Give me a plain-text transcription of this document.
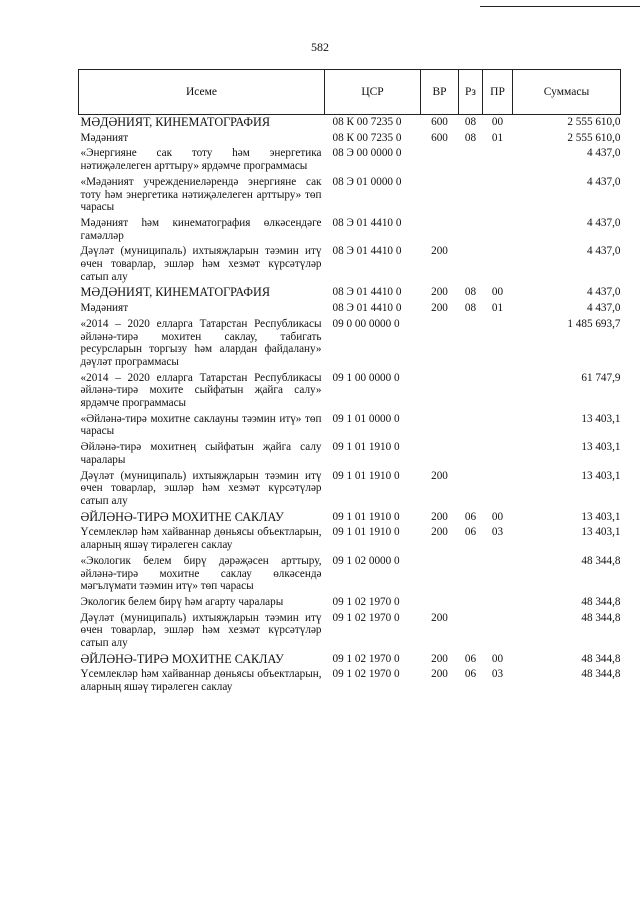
582
Исеме	ЦСР	ВР	Рз	ПР	Суммасы
МӘДӘНИЯТ, КИНЕМАТОГРАФИЯ	08 К 00 7235 0	600	08	00	2 555 610,0
Мәдәният	08 К 00 7235 0	600	08	01	2 555 610,0
«Энергияне сак тоту һәм энергетика нәтиҗәлелеген арттыру» ярдәмче программасы	08 Э 00 0000 0				4 437,0
«Мәдәният учреждениеләрендә энергияне сак тоту һәм энергетика нәтиҗәлелеген арттыру» төп чарасы	08 Э 01 0000 0				4 437,0
Мәдәният һәм кинематография өлкәсендәге гамәлләр	08 Э 01 4410 0				4 437,0
Дәүләт (муниципаль) ихтыяҗларын тәэмин итү өчен товарлар, эшләр һәм хезмәт күрсәтүләр сатып алу	08 Э 01 4410 0	200			4 437,0
МӘДӘНИЯТ, КИНЕМАТОГРАФИЯ	08 Э 01 4410 0	200	08	00	4 437,0
Мәдәният	08 Э 01 4410 0	200	08	01	4 437,0
«2014 – 2020 елларга Татарстан Республикасы әйләнә-тирә мохитен саклау, табигать ресурсларын торгызу һәм алардан файдалану» дәүләт программасы	09 0 00 0000 0				1 485 693,7
«2014 – 2020 елларга Татарстан Республикасы әйләнә-тирә мохите сыйфатын җайга салу» ярдәмче программасы	09 1 00 0000 0				61 747,9
«Әйләнә-тирә мохитне саклауны тәэмин итү» төп чарасы	09 1 01 0000 0				13 403,1
Әйләнә-тирә мохитнең сыйфатын җайга салу чаралары	09 1 01 1910 0				13 403,1
Дәүләт (муниципаль) ихтыяҗларын тәэмин итү өчен товарлар, эшләр һәм хезмәт күрсәтүләр сатып алу	09 1 01 1910 0	200			13 403,1
ӘЙЛӘНӘ-ТИРӘ МОХИТНЕ САКЛАУ	09 1 01 1910 0	200	06	00	13 403,1
Үсемлекләр һәм хайваннар дөньясы объектларын, аларның яшәү тирәлеген саклау	09 1 01 1910 0	200	06	03	13 403,1
«Экологик белем бирү дәрәҗәсен арттыру, әйләнә-тирә мохитне саклау өлкәсендә мәгълүмати тәэмин итү» төп чарасы	09 1 02 0000 0				48 344,8
Экологик белем бирү һәм агарту чаралары	09 1 02 1970 0				48 344,8
Дәүләт (муниципаль) ихтыяҗларын тәэмин итү өчен товарлар, эшләр һәм хезмәт күрсәтүләр сатып алу	09 1 02 1970 0	200			48 344,8
ӘЙЛӘНӘ-ТИРӘ МОХИТНЕ САКЛАУ	09 1 02 1970 0	200	06	00	48 344,8
Үсемлекләр һәм хайваннар дөньясы объектларын, аларның яшәү тирәлеген саклау	09 1 02 1970 0	200	06	03	48 344,8
